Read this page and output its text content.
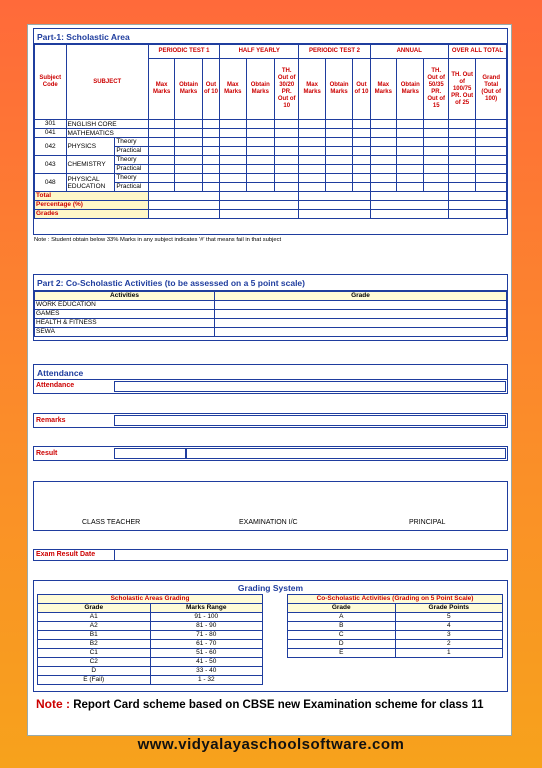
Part-1: Scholastic Area
Subject Code	SUBJECT		PERIODIC TEST 1			HALF YEARLY			PERIODIC TEST 2			ANNUAL			OVER ALL TOTAL	
			Max Marks	Obtain Marks	Out of 10	Max Marks	Obtain Marks	TH. Out of 30/20 PR. Out of 10	Max Marks	Obtain Marks	Out of 10	Max Marks	Obtain Marks	TH. Out of 50/35 PR. Out of 15	TH. Out of 100/75 PR. Out of 25	Grand Total (Out of 100)
301	ENGLISH CORE															
041	MATHEMATICS															
042	PHYSICS	Theory														
		Practical														
043	CHEMISTRY	Theory														
		Practical														
048	PHYSICAL EDUCATION	Theory														
		Practical														
Total																
Percentage (%)																
Grades																
Note : Student obtain below 33% Marks in any subject indicates '#' that means fail in that subject
Part 2: Co-Scholastic Activities (to be assessed on a 5 point scale)
Activities	Grade
WORK EDUCATION	
GAMES	
HEALTH & FITNESS	
SEWA	
Attendance
Attendance
Remarks
Result
CLASS TEACHER	EXAMINATION I/C	PRINCIPAL
Exam Result Date
Grading System
Scholastic Areas Grading	
Grade	Marks Range
A1	91 - 100
A2	81 - 90
B1	71 - 80
B2	61 - 70
C1	51 - 60
C2	41 - 50
D	33 - 40
E (Fail)	1 - 32
Co-Scholastic Activities (Grading on 5 Point Scale)	
Grade	Grade Points
A	5
B	4
C	3
D	2
E	1
Note : Report Card scheme based on CBSE new Examination scheme for class 11
www.vidyalayaschoolsoftware.com
